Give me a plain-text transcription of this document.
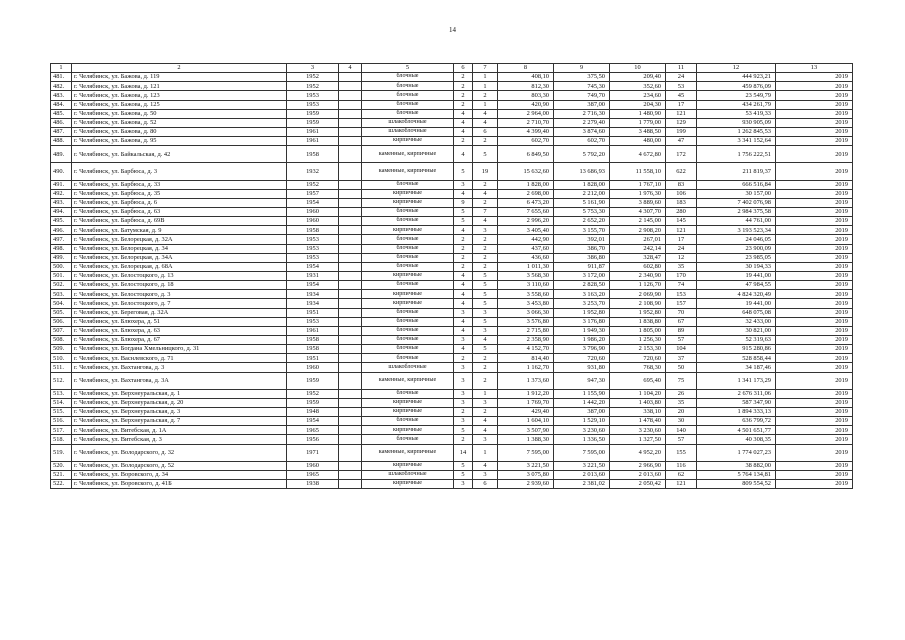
14
1	2	3	4	5	6	7	8	9	10	11	12	13
481.	г. Челябинск, ул. Бажова, д. 119	1952		блочные	2	1	408,10	375,50	209,40	24	444 923,21	2019
482.	г. Челябинск, ул. Бажова, д. 121	1952		блочные	2	1	812,30	745,30	352,60	53	459 876,09	2019
483.	г. Челябинск, ул. Бажова, д. 123	1953		блочные	2	2	803,30	749,70	234,60	45	23 549,79	2019
484.	г. Челябинск, ул. Бажова, д. 125	1953		блочные	2	1	420,90	387,00	204,30	17	434 261,79	2019
485.	г. Челябинск, ул. Бажова, д. 50	1959		блочные	4	4	2 964,00	2 716,30	1 480,90	121	53 419,33	2019
486.	г. Челябинск, ул. Бажова, д. 52	1959		шлакоблочные	4	4	2 710,70	2 279,40	1 779,00	129	930 905,09	2019
487.	г. Челябинск, ул. Бажова, д. 80	1961		шлакоблочные	4	6	4 399,40	3 874,60	3 488,50	199	1 262 845,53	2019
488.	г. Челябинск, ул. Бажова, д. 95	1961		кирпичные	2	2	602,70	602,70	480,00	47	3 341 152,64	2019
489.	г. Челябинск, ул. Байкальская, д. 42	1958		каменные, кирпичные	4	5	6 849,50	5 792,20	4 672,80	172	1 756 222,51	2019
490.	г. Челябинск, ул. Барбюса, д. 3	1932		каменные, кирпичные	5	19	15 632,60	13 686,93	11 558,10	622	211 819,37	2019
491.	г. Челябинск, ул. Барбюса, д. 33	1952		блочные	3	2	1 828,00	1 828,00	1 767,10	83	666 516,84	2019
492.	г. Челябинск, ул. Барбюса, д. 35	1957		кирпичные	4	4	2 698,00	2 212,00	1 976,30	106	30 157,00	2019
493.	г. Челябинск, ул. Барбюса, д. 6	1954		кирпичные	9	2	6 473,20	5 161,90	3 889,60	183	7 402 076,98	2019
494.	г. Челябинск, ул. Барбюса, д. 63	1960		блочные	5	7	7 655,60	5 753,30	4 307,70	280	2 984 375,58	2019
495.	г. Челябинск, ул. Барбюса, д. 69В	1960		блочные	5	4	2 996,20	2 652,20	2 145,00	145	44 761,00	2019
496.	г. Челябинск, ул. Батумская, д. 9	1958		кирпичные	4	3	3 405,40	3 155,70	2 908,20	121	3 193 523,34	2019
497.	г. Челябинск, ул. Белорецкая, д. 32А	1953		блочные	2	2	442,90	392,01	267,01	17	24 046,05	2019
498.	г. Челябинск, ул. Белорецкая, д. 34	1953		блочные	2	2	437,60	386,70	242,14	24	23 900,09	2019
499.	г. Челябинск, ул. Белорецкая, д. 34А	1953		блочные	2	2	436,60	386,80	328,47	12	23 985,05	2019
500.	г. Челябинск, ул. Белорецкая, д. 68А	1954		блочные	2	2	1 011,30	911,87	602,80	35	30 194,33	2019
501.	г. Челябинск, ул. Белостоцкого, д. 13	1931		кирпичные	4	5	3 568,30	3 172,00	2 340,90	170	19 441,00	2019
502.	г. Челябинск, ул. Белостоцкого, д. 18	1954		блочные	4	5	3 110,60	2 828,50	1 126,70	74	47 984,55	2019
503.	г. Челябинск, ул. Белостоцкого, д. 3	1934		кирпичные	4	5	3 558,60	3 163,20	2 069,90	153	4 824 320,49	2019
504.	г. Челябинск, ул. Белостоцкого, д. 7	1934		кирпичные	4	5	3 453,80	3 253,70	2 108,90	157	19 441,00	2019
505.	г. Челябинск, ул. Береговая, д. 32А	1951		блочные	3	3	3 066,30	1 952,80	1 952,80	70	648 075,08	2019
506.	г. Челябинск, ул. Блюхера, д. 51	1953		блочные	4	5	3 576,80	3 176,80	1 838,80	67	32 433,00	2019
507.	г. Челябинск, ул. Блюхера, д. 63	1961		блочные	4	3	2 715,80	1 949,30	1 805,00	89	30 821,00	2019
508.	г. Челябинск, ул. Блюхера, д. 67	1958		блочные	3	4	2 358,90	1 986,20	1 256,30	57	52 319,63	2019
509.	г. Челябинск, ул. Богдана Хмельницкого, д. 31	1958		блочные	4	5	4 152,70	3 796,90	2 153,30	104	915 280,86	2019
510.	г. Челябинск, ул. Васнлевского, д. 71	1951		блочные	2	2	814,40	720,60	720,60	37	528 858,44	2019
511.	г. Челябинск, ул. Вахтангова, д. 3	1960		шлакоблочные	3	2	1 162,70	931,80	768,30	50	34 187,46	2019
512.	г. Челябинск, ул. Вахтангова, д. 3А	1959		каменные, кирпичные	3	2	1 373,60	947,30	695,40	75	1 341 173,29	2019
513.	г. Челябинск, ул. Верхнеуральская, д. 1	1952		блочные	3	1	1 912,20	1 155,90	1 104,20	26	2 676 311,06	2019
514.	г. Челябинск, ул. Верхнеуральская, д. 20	1959		кирпичные	3	3	1 769,70	1 442,20	1 403,80	35	587 347,90	2019
515.	г. Челябинск, ул. Верхнеуральская, д. 3	1948		кирпичные	2	2	429,40	387,00	338,10	20	1 894 333,13	2019
516.	г. Челябинск, ул. Верхнеуральская, д. 7	1954		блочные	3	4	1 604,10	1 529,10	1 478,40	30	636 799,72	2019
517.	г. Челябинск, ул. Витебская, д. 1А	1965		кирпичные	5	4	3 507,90	3 230,60	3 230,60	140	4 501 651,77	2019
518.	г. Челябинск, ул. Витебская, д. 3	1956		блочные	2	3	1 388,30	1 336,50	1 327,50	57	40 308,35	2019
519.	г. Челябинск, ул. Володарского, д. 32	1971		каменные, кирпичные	14	1	7 595,00	7 595,00	4 952,20	155	1 774 027,23	2019
520.	г. Челябинск, ул. Володарского, д. 52	1960		кирпичные	5	4	3 221,50	3 221,50	2 966,90	116	38 882,00	2019
521.	г. Челябинск, ул. Воровского, д. 34	1965		шлакоблочные	5	3	3 075,80	2 013,60	2 013,60	62	5 764 134,81	2019
522.	г. Челябинск, ул. Воровского, д. 41Б	1938		кирпичные	3	6	2 939,60	2 381,02	2 050,42	121	809 554,52	2019
